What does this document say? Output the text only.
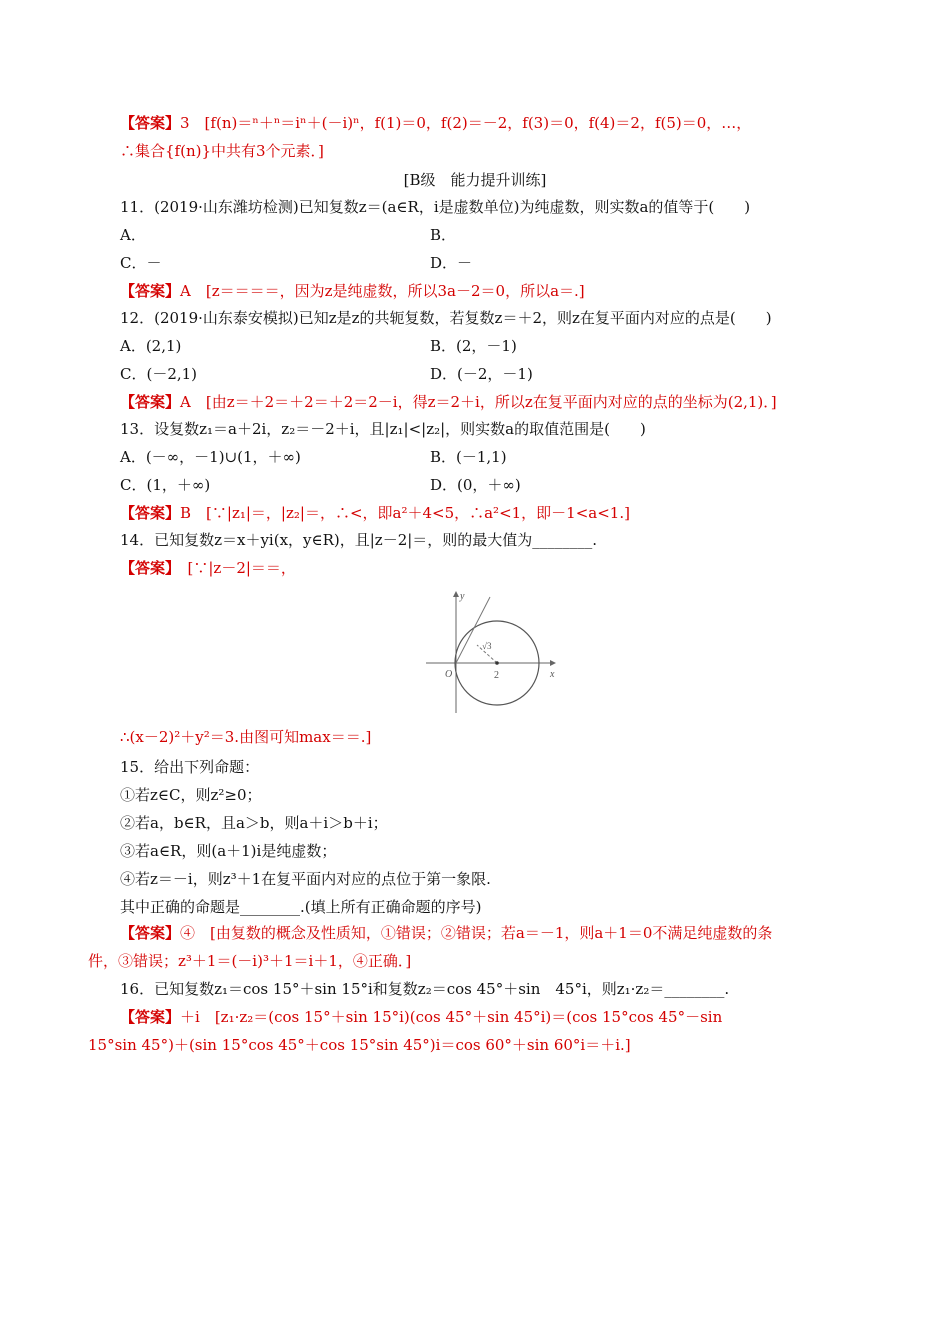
【答案】3　[f(n)＝ⁿ＋ⁿ＝iⁿ＋(－i)ⁿ，f(1)＝0，f(2)＝－2，f(3)＝0，f(4)＝2，f(5)＝0，…，
∴集合{f(n)}中共有3个元素．]
[B级　能力提升训练]
11．(2019·山东潍坊检测)已知复数z＝(a∈R，i是虚数单位)为纯虚数，则实数a的值等于(　　)
A．	B．
C．－	D．－
【答案】A　[z＝＝＝＝，因为z是纯虚数，所以3a－2＝0，所以a＝.]
12．(2019·山东泰安模拟)已知z是z的共轭复数，若复数z＝＋2，则z在复平面内对应的点是(　　)
A．(2,1)	B．(2，－1)
C．(－2,1)	D．(－2，－1)
【答案】A　[由z＝＋2＝＋2＝＋2＝2－i，得z＝2＋i，所以z在复平面内对应的点的坐标为(2,1)．]
13．设复数z₁＝a＋2i，z₂＝－2＋i，且|z₁|<|z₂|，则实数a的取值范围是(　　)
A．(－∞，－1)∪(1，＋∞)	B．(－1,1)
C．(1，＋∞)	D．(0，＋∞)
【答案】B　[∵|z₁|＝，|z₂|＝，∴<，即a²＋4<5，∴a²<1，即－1<a<1.]
14．已知复数z＝x＋yi(x，y∈R)，且|z－2|＝，则的最大值为________.
【答案】　[∵|z－2|＝＝，
x
y
O	2
√3
∴(x－2)²＋y²＝3.由图可知max＝＝.]
15．给出下列命题：
①若z∈C，则z²≥0；
②若a，b∈R，且a＞b，则a＋i＞b＋i；
③若a∈R，则(a＋1)i是纯虚数；
④若z＝－i，则z³＋1在复平面内对应的点位于第一象限.
其中正确的命题是________.(填上所有正确命题的序号)
【答案】④　[由复数的概念及性质知，①错误；②错误；若a＝－1，则a＋1＝0不满足纯虚数的条
件，③错误；z³＋1＝(－i)³＋1＝i＋1，④正确．]
16．已知复数z₁＝cos 15°＋sin 15°i和复数z₂＝cos 45°＋sin　45°i，则z₁·z₂＝________.
【答案】＋i　[z₁·z₂＝(cos 15°＋sin 15°i)(cos 45°＋sin 45°i)＝(cos 15°cos 45°－sin
15°sin 45°)＋(sin 15°cos 45°＋cos 15°sin 45°)i＝cos 60°＋sin 60°i＝＋i.]
